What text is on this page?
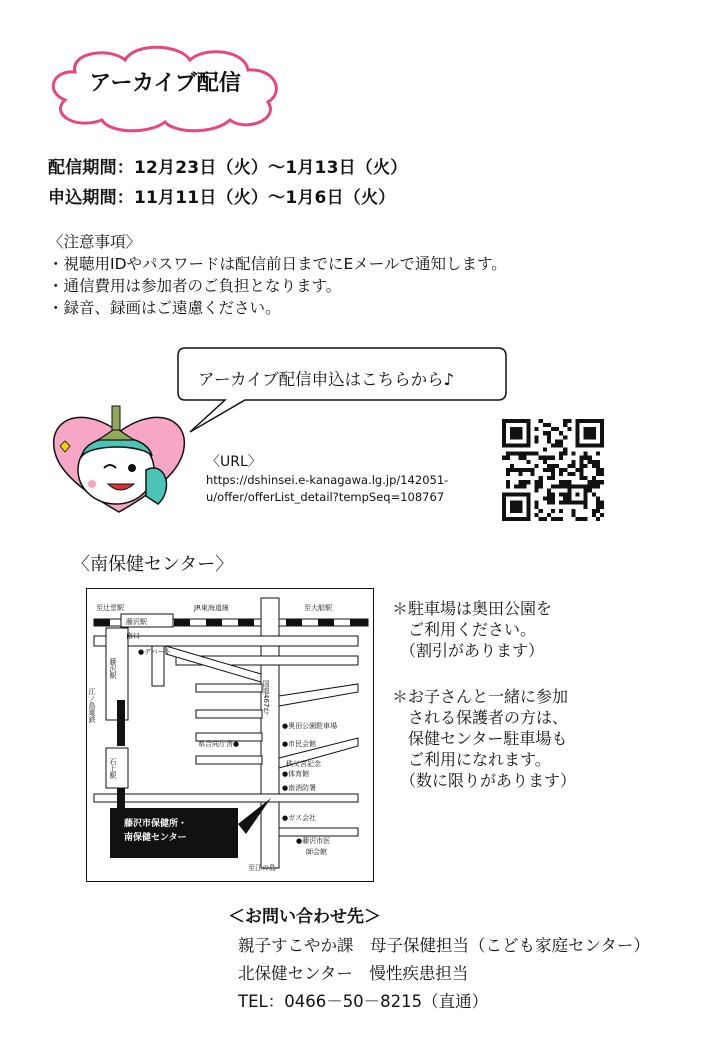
アーカイブ配信
配信期間：12月23日（火）～1月13日（火）
申込期間：11月11日（火）～1月6日（火）
〈注意事項〉
・視聴用IDやパスワードは配信前日までにEメールで通知します。
・通信費用は参加者のご負担となります。
・録音、録画はご遠慮ください。
アーカイブ配信申込はこちらから♪
〈URL〉
https://dshinsei.e-kanagawa.lg.jp/142051-
u/offer/offerList_detail?tempSeq=108767
〈南保健センター〉
至辻堂駅	JR東海道線	至大船駅
藤沢駅
南口
藤沢駅
●デパート
江ノ島電鉄
石上駅
国道467号
●奥田公園駐車場
●市民会館
県合同庁舎●
秩父宮記念
●体育館
●南消防署
●ガス会社
●藤沢市医
師会館
至江の島
藤沢市保健所・
南保健センター
＊駐車場は奥田公園を
　ご利用ください。
　（割引があります）
＊お子さんと一緒に参加
　される保護者の方は、
　保健センター駐車場も
　ご利用になれます。
　（数に限りがあります）
＜お問い合わせ先＞
親子すこやか課　母子保健担当（こども家庭センター）
北保健センター　慢性疾患担当
TEL：0466－50－8215（直通）
